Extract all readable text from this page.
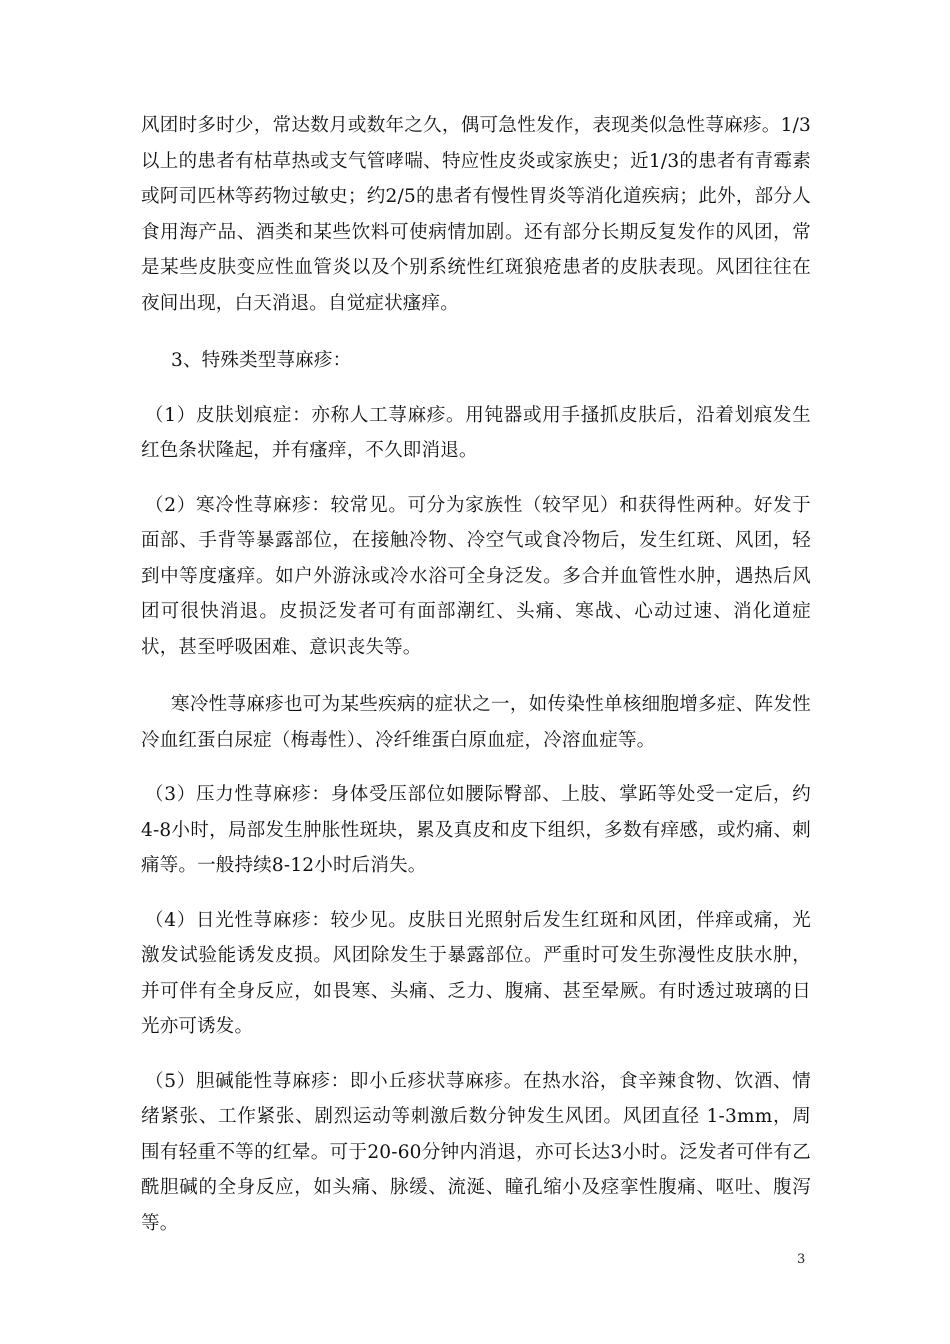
风团时多时少，常达数月或数年之久，偶可急性发作，表现类似急性荨麻疹。1/3以上的患者有枯草热或支气管哮喘、特应性皮炎或家族史；近1/3的患者有青霉素或阿司匹林等药物过敏史；约2/5的患者有慢性胃炎等消化道疾病；此外，部分人食用海产品、酒类和某些饮料可使病情加剧。还有部分长期反复发作的风团，常是某些皮肤变应性血管炎以及个别系统性红斑狼疮患者的皮肤表现。风团往往在夜间出现，白天消退。自觉症状瘙痒。

3、特殊类型荨麻疹：

（1）皮肤划痕症：亦称人工荨麻疹。用钝器或用手搔抓皮肤后，沿着划痕发生红色条状隆起，并有瘙痒，不久即消退。

（2）寒冷性荨麻疹：较常见。可分为家族性（较罕见）和获得性两种。好发于面部、手背等暴露部位，在接触冷物、冷空气或食冷物后，发生红斑、风团，轻到中等度瘙痒。如户外游泳或冷水浴可全身泛发。多合并血管性水肿，遇热后风团可很快消退。皮损泛发者可有面部潮红、头痛、寒战、心动过速、消化道症状，甚至呼吸困难、意识丧失等。

寒冷性荨麻疹也可为某些疾病的症状之一，如传染性单核细胞增多症、阵发性冷血红蛋白尿症（梅毒性）、冷纤维蛋白原血症，冷溶血症等。

（3）压力性荨麻疹：身体受压部位如腰际臀部、上肢、掌跖等处受一定后，约4-8小时，局部发生肿胀性斑块，累及真皮和皮下组织，多数有痒感，或灼痛、刺痛等。一般持续8-12小时后消失。

（4）日光性荨麻疹：较少见。皮肤日光照射后发生红斑和风团，伴痒或痛，光激发试验能诱发皮损。风团除发生于暴露部位。严重时可发生弥漫性皮肤水肿，并可伴有全身反应，如畏寒、头痛、乏力、腹痛、甚至晕厥。有时透过玻璃的日光亦可诱发。

（5）胆碱能性荨麻疹：即小丘疹状荨麻疹。在热水浴，食辛辣食物、饮酒、情绪紧张、工作紧张、剧烈运动等刺激后数分钟发生风团。风团直径 1-3mm，周围有轻重不等的红晕。可于20-60分钟内消退，亦可长达3小时。泛发者可伴有乙酰胆碱的全身反应，如头痛、脉缓、流涎、瞳孔缩小及痉挛性腹痛、呕吐、腹泻等。

3
